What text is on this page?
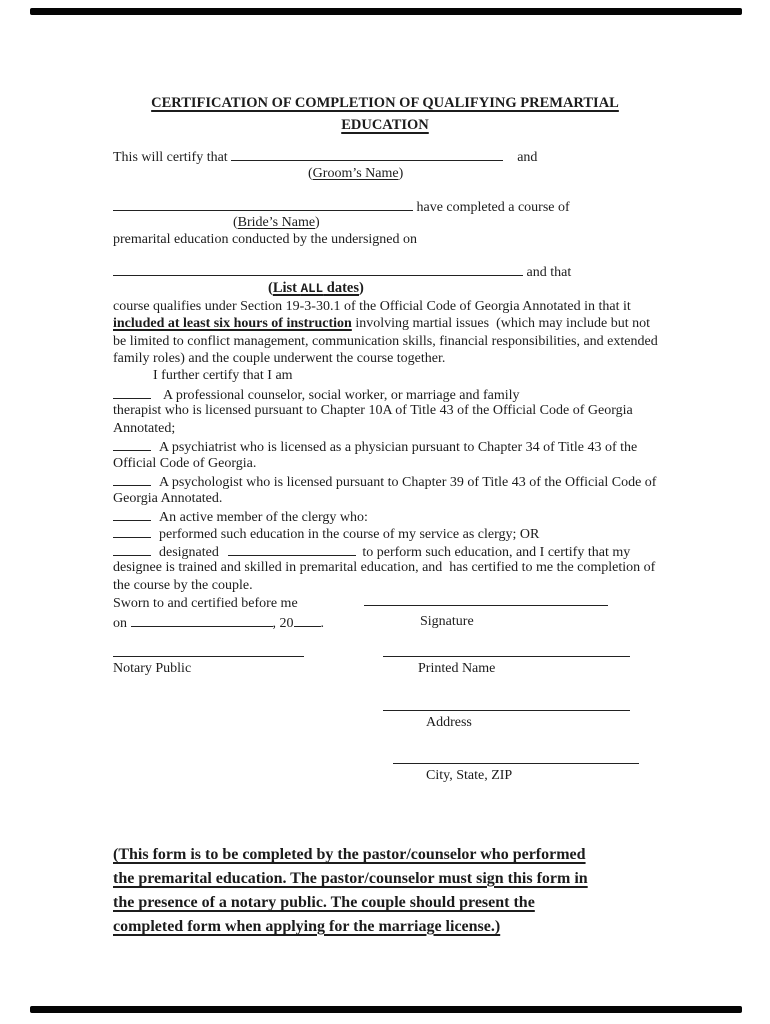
CERTIFICATION OF COMPLETION OF QUALIFYING PREMARTIAL
EDUCATION
This will certify that	and
(Groom’s Name)
have completed a course of
(Bride’s Name)
premarital education conducted by the undersigned on
and that
(List ALL dates)
course qualifies under Section 19-3-30.1 of the Official Code of Georgia Annotated in that it
included at least six hours of instruction involving martial issues  (which may include but not
be limited to conflict management, communication skills, financial responsibilities, and extended
family roles) and the couple underwent the course together.
I further certify that I am
A professional counselor, social worker, or marriage and family
therapist who is licensed pursuant to Chapter 10A of Title 43 of the Official Code of Georgia
Annotated;
A psychiatrist who is licensed as a physician pursuant to Chapter 34 of Title 43 of the
Official Code of Georgia.
A psychologist who is licensed pursuant to Chapter 39 of Title 43 of the Official Code of
Georgia Annotated.
An active member of the clergy who:
performed such education in the course of my service as clergy; OR
designated	to perform such education, and I certify that my
designee is trained and skilled in premarital education, and  has certified to me the completion of
the course by the couple.
Sworn to and certified before me
on	, 20 .	Signature
Notary Public	Printed Name
Address
City, State, ZIP
(This form is to be completed by the pastor/counselor who performed
the premarital education. The pastor/counselor must sign this form in
the presence of a notary public. The couple should present the
completed form when applying for the marriage license.)
